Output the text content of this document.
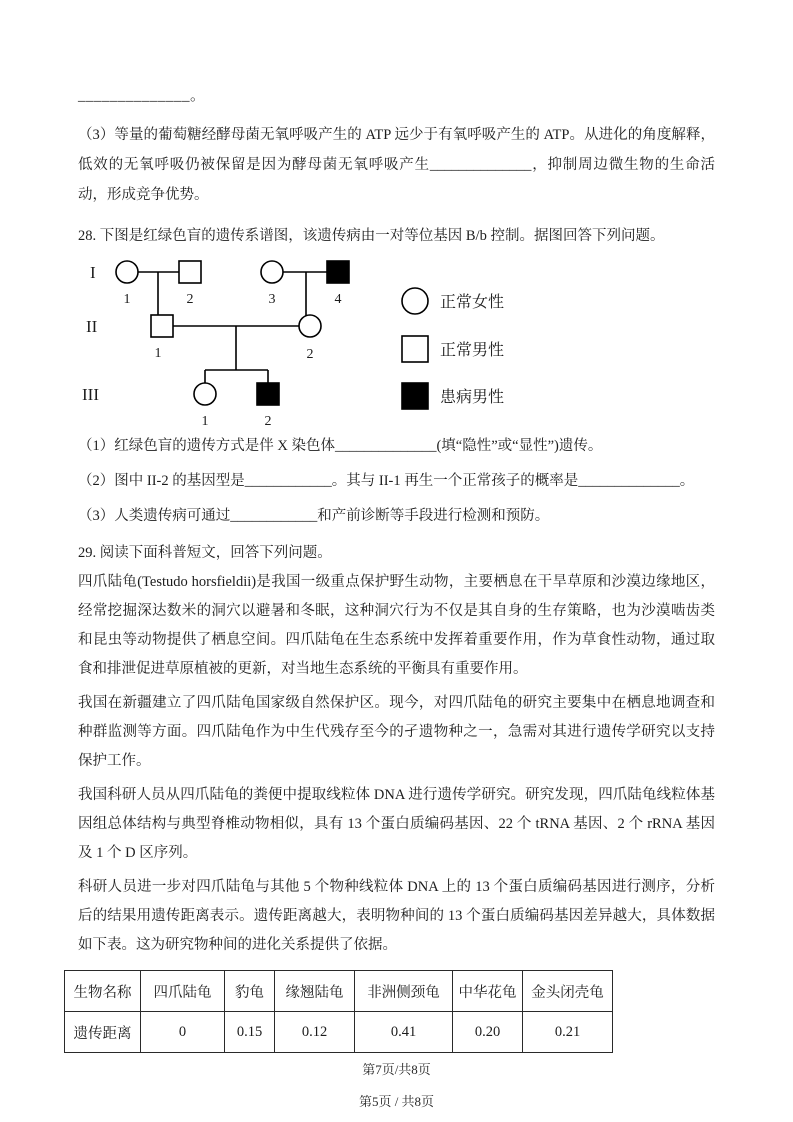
______________。

（3）等量的葡萄糖经酵母菌无氧呼吸产生的 ATP 远少于有氧呼吸产生的 ATP。从进化的角度解释，低效的无氧呼吸仍被保留是因为酵母菌无氧呼吸产生______________，抑制周边微生物的生命活动，形成竞争优势。

28. 下图是红绿色盲的遗传系谱图，该遗传病由一对等位基因 B/b 控制。据图回答下列问题。

I
II
III
1	2	3	4
1	2
1	2
正常女性
正常男性
患病男性

（1）红绿色盲的遗传方式是伴 X 染色体______________(填“隐性”或“显性”)遗传。

（2）图中 II-2 的基因型是____________。其与 II-1 再生一个正常孩子的概率是______________。

（3）人类遗传病可通过____________和产前诊断等手段进行检测和预防。

29. 阅读下面科普短文，回答下列问题。

四爪陆龟(Testudo horsfieldii)是我国一级重点保护野生动物，主要栖息在干旱草原和沙漠边缘地区，经常挖掘深达数米的洞穴以避暑和冬眠，这种洞穴行为不仅是其自身的生存策略，也为沙漠啮齿类和昆虫等动物提供了栖息空间。四爪陆龟在生态系统中发挥着重要作用，作为草食性动物，通过取食和排泄促进草原植被的更新，对当地生态系统的平衡具有重要作用。

我国在新疆建立了四爪陆龟国家级自然保护区。现今，对四爪陆龟的研究主要集中在栖息地调查和种群监测等方面。四爪陆龟作为中生代残存至今的孑遗物种之一，急需对其进行遗传学研究以支持保护工作。

我国科研人员从四爪陆龟的粪便中提取线粒体 DNA 进行遗传学研究。研究发现，四爪陆龟线粒体基因组总体结构与典型脊椎动物相似，具有 13 个蛋白质编码基因、22 个 tRNA 基因、2 个 rRNA 基因及 1 个 D 区序列。

科研人员进一步对四爪陆龟与其他 5 个物种线粒体 DNA 上的 13 个蛋白质编码基因进行测序，分析后的结果用遗传距离表示。遗传距离越大，表明物种间的 13 个蛋白质编码基因差异越大，具体数据如下表。这为研究物种间的进化关系提供了依据。

生物名称	四爪陆龟	豹龟	缘翘陆龟	非洲侧颈龟	中华花龟	金头闭壳龟
遗传距离	0	0.15	0.12	0.41	0.20	0.21
第7页/共8页
第5页 / 共8页
